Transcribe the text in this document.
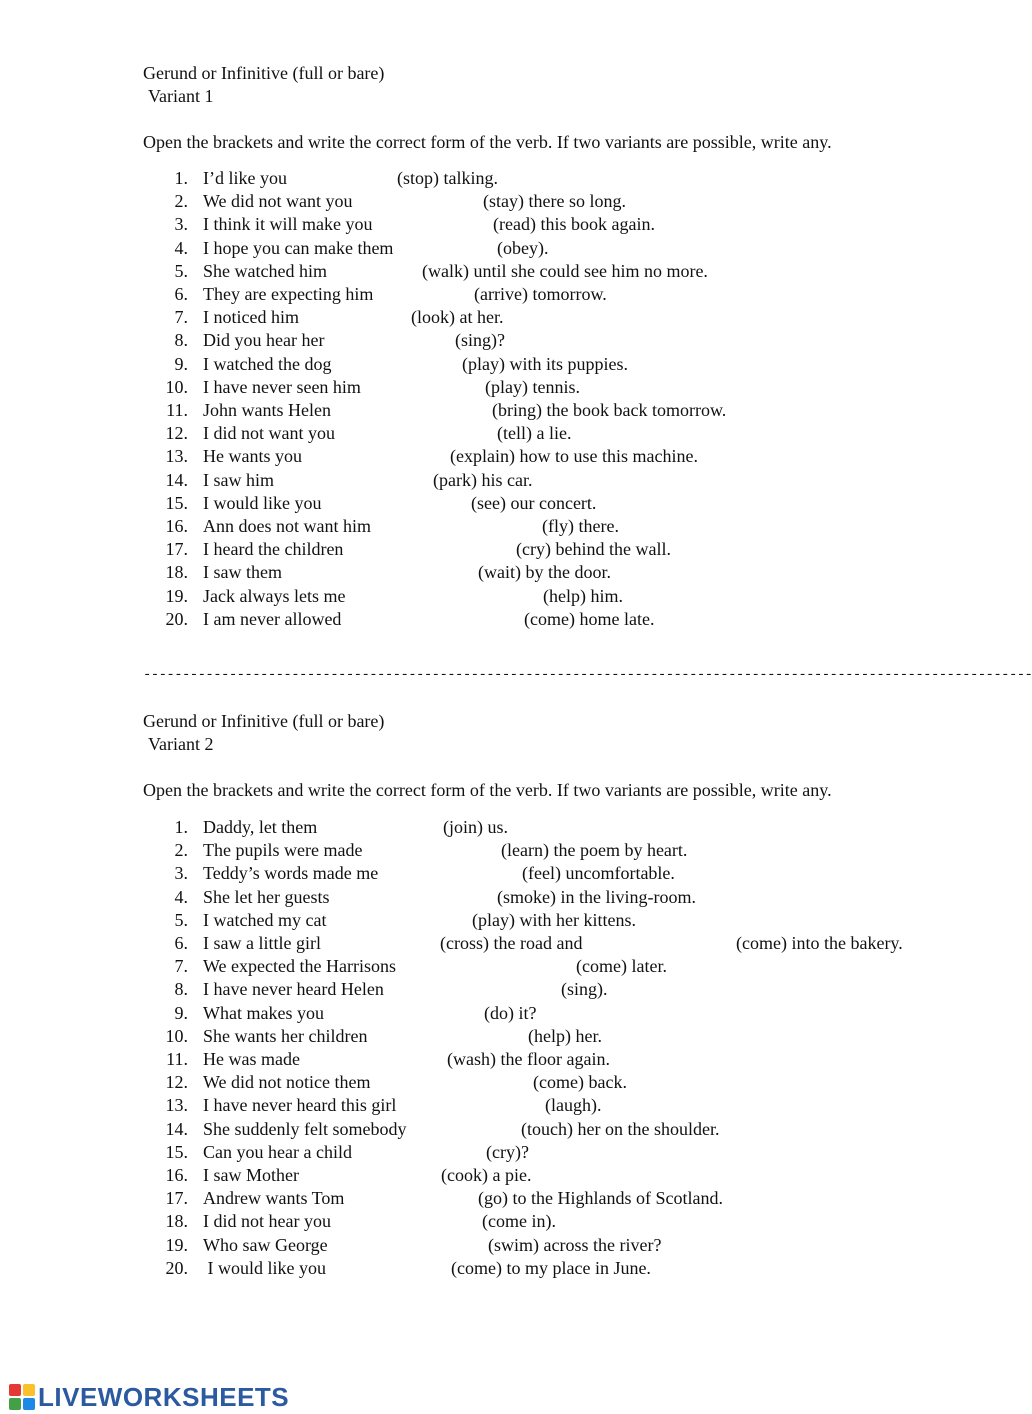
Gerund or Infinitive (full or bare)
Variant 1
Open the brackets and write the correct form of the verb. If two variants are possible, write any.
1. I’d like you	(stop) talking.
2. We did not want you	(stay) there so long.
3. I think it will make you	(read) this book again.
4. I hope you can make them	(obey).
5. She watched him	(walk) until she could see him no more.
6. They are expecting him	(arrive) tomorrow.
7. I noticed him	(look) at her.
8. Did you hear her	(sing)?
9. I watched the dog	(play) with its puppies.
10. I have never seen him	(play) tennis.
11. John wants Helen	(bring) the book back tomorrow.
12. I did not want you	(tell) a lie.
13. He wants you	(explain) how to use this machine.
14. I saw him	(park) his car.
15. I would like you	(see) our concert.
16. Ann does not want him	(fly) there.
17. I heard the children	(cry) behind the wall.
18. I saw them	(wait) by the door.
19. Jack always lets me	(help) him.
20. I am never allowed	(come) home late.
------------------------------------------------------------------------------------------------------------------
Gerund or Infinitive (full or bare)
Variant 2
Open the brackets and write the correct form of the verb. If two variants are possible, write any.
1. Daddy, let them	(join) us.
2. The pupils were made	(learn) the poem by heart.
3. Teddy’s words made me	(feel) uncomfortable.
4. She let her guests	(smoke) in the living-room.
5. I watched my cat	(play) with her kittens.
6. I saw a little girl	(cross) the road and	(come) into the bakery.
7. We expected the Harrisons	(come) later.
8. I have never heard Helen	(sing).
9. What makes you	(do) it?
10. She wants her children	(help) her.
11. He was made	(wash) the floor again.
12. We did not notice them	(come) back.
13. I have never heard this girl	(laugh).
14. She suddenly felt somebody	(touch) her on the shoulder.
15. Can you hear a child	(cry)?
16. I saw Mother	(cook) a pie.
17. Andrew wants Tom	(go) to the Highlands of Scotland.
18. I did not hear you	(come in).
19. Who saw George	(swim) across the river?
20. I would like you	(come) to my place in June.
LIVEWORKSHEETS
